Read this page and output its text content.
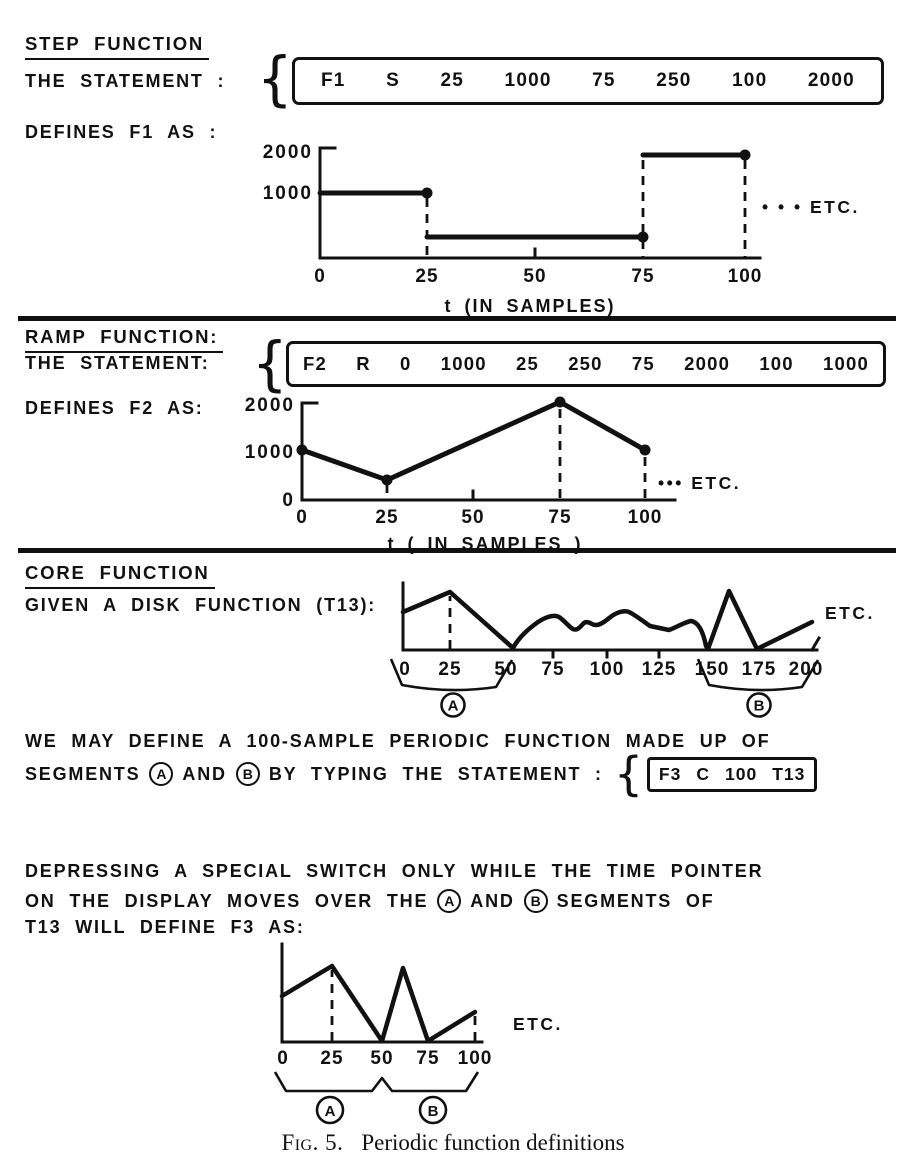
STEP FUNCTION
THE STATEMENT : { F1 S 25 1000 75 250 100 2000
DEFINES F1 AS :
2000
1000
0	25	50	75	100
• • • ETC.
t (IN SAMPLES)
RAMP FUNCTION:
THE STATEMENT: { F2 R 0 1000 25 250 75 2000 100 1000
DEFINES F2 AS: 2000
1000
0
0	25	50	75	100
••• ETC.
t ( IN SAMPLES )
CORE FUNCTION
GIVEN A DISK FUNCTION (T13):
0 25 50 75 100 125 150 175 200
A	B
ETC.
WE MAY DEFINE A 100-SAMPLE PERIODIC FUNCTION MADE UP OF
SEGMENTS	A AND	B BY TYPING THE STATEMENT : { F3 C 100 T13
DEPRESSING A SPECIAL SWITCH ONLY WHILE THE TIME POINTER
ON THE DISPLAY MOVES OVER THE	A AND	B SEGMENTS OF
T13 WILL DEFINE F3 AS:
0 25 50 75 100
A	B
ETC.
Fig. 5. Periodic function definitions
